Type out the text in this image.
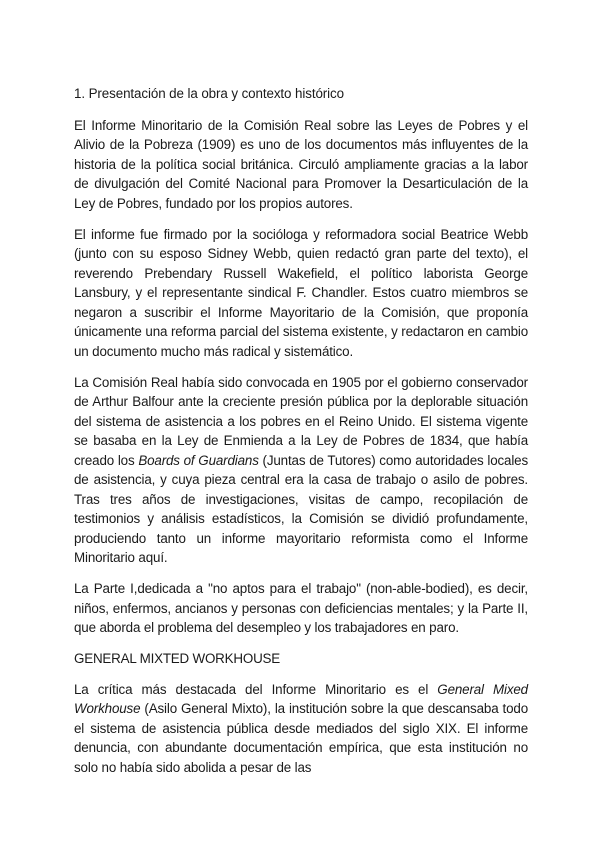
1. Presentación de la obra y contexto histórico

El Informe Minoritario de la Comisión Real sobre las Leyes de Pobres y el Alivio de la Pobreza (1909) es uno de los documentos más influyentes de la historia de la política social británica. Circuló ampliamente gracias a la labor de divulgación del Comité Nacional para Promover la Desarticulación de la Ley de Pobres, fundado por los propios autores.

El informe fue firmado por la socióloga y reformadora social Beatrice Webb (junto con su esposo Sidney Webb, quien redactó gran parte del texto), el reverendo Prebendary Russell Wakefield, el político laborista George Lansbury, y el representante sindical F. Chandler. Estos cuatro miembros se negaron a suscribir el Informe Mayoritario de la Comisión, que proponía únicamente una reforma parcial del sistema existente, y redactaron en cambio un documento mucho más radical y sistemático.

La Comisión Real había sido convocada en 1905 por el gobierno conservador de Arthur Balfour ante la creciente presión pública por la deplorable situación del sistema de asistencia a los pobres en el Reino Unido. El sistema vigente se basaba en la Ley de Enmienda a la Ley de Pobres de 1834, que había creado los Boards of Guardians (Juntas de Tutores) como autoridades locales de asistencia, y cuya pieza central era la casa de trabajo o asilo de pobres. Tras tres años de investigaciones, visitas de campo, recopilación de testimonios y análisis estadísticos, la Comisión se dividió profundamente, produciendo tanto un informe mayoritario reformista como el Informe Minoritario aquí.

La Parte I,dedicada a "no aptos para el trabajo" (non-able-bodied), es decir, niños, enfermos, ancianos y personas con deficiencias mentales; y la Parte II, que aborda el problema del desempleo y los trabajadores en paro.

GENERAL MIXTED WORKHOUSE

La crítica más destacada del Informe Minoritario es el General Mixed Workhouse (Asilo General Mixto), la institución sobre la que descansaba todo el sistema de asistencia pública desde mediados del siglo XIX. El informe denuncia, con abundante documentación empírica, que esta institución no solo no había sido abolida a pesar de las
